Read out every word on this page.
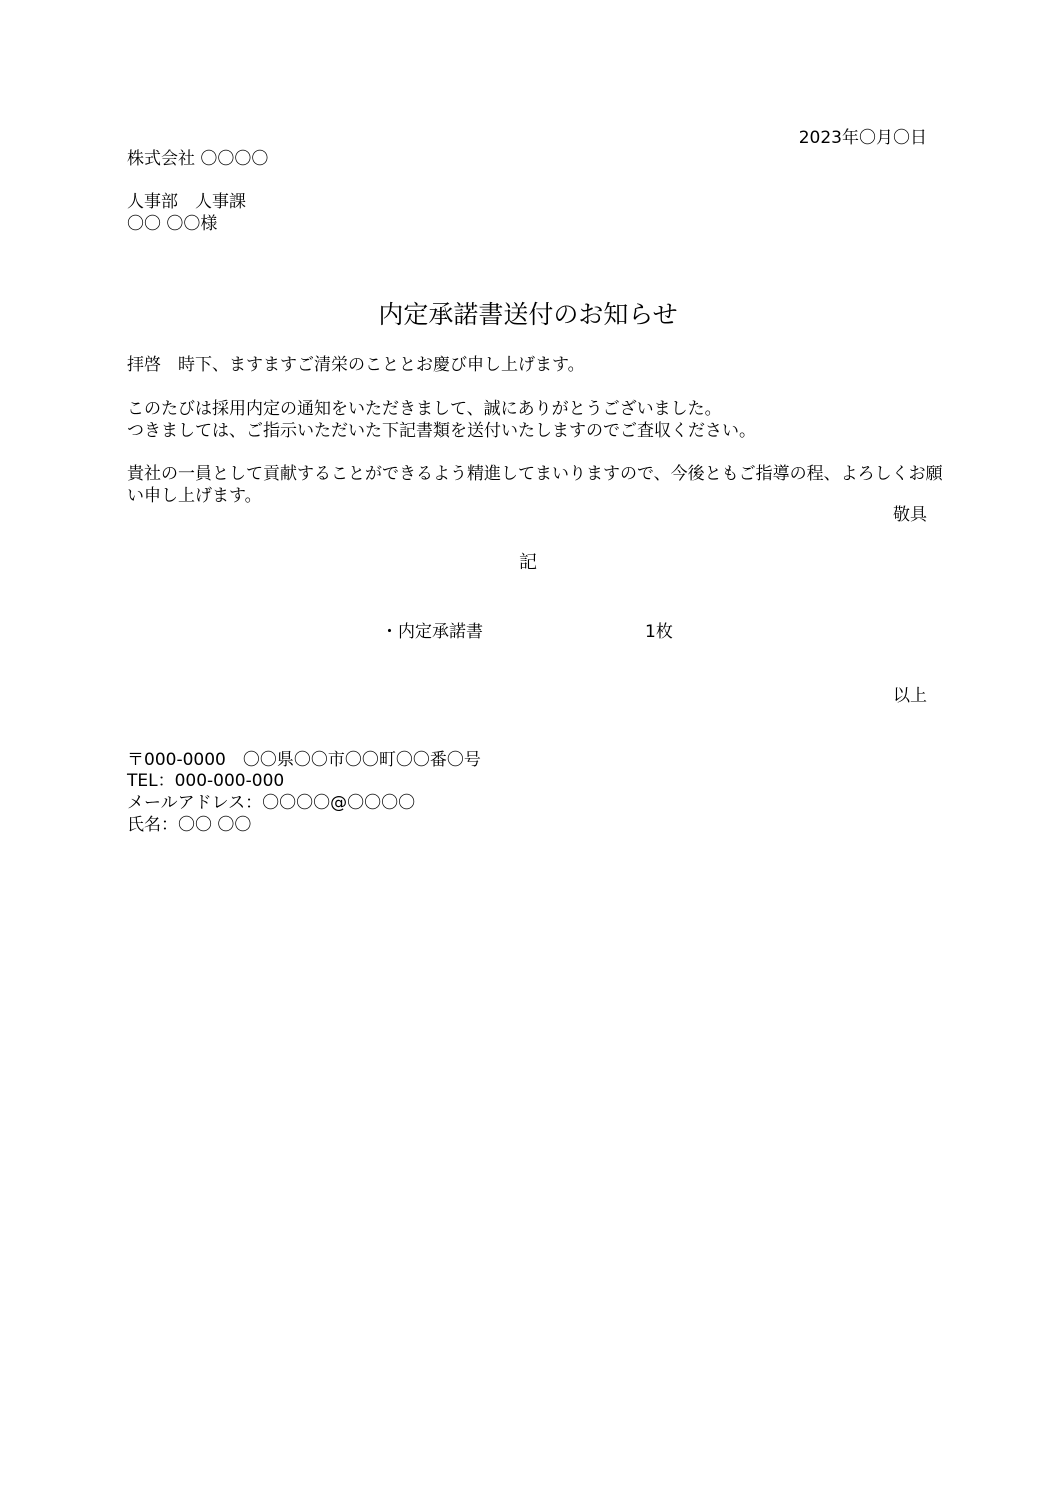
2023年〇月〇日

株式会社 〇〇〇〇

人事部　人事課

〇〇 〇〇様

内定承諾書送付のお知らせ

拝啓　時下、ますますご清栄のこととお慶び申し上げます。

このたびは採用内定の通知をいただきまして、誠にありがとうございました。

つきましては、ご指示いただいた下記書類を送付いたしますのでご査収ください。

貴社の一員として貢献することができるよう精進してまいりますので、今後ともご指導の程、よろしくお願い申し上げます。

敬具

記

・内定承諾書	1枚

以上

〒000-0000　〇〇県〇〇市〇〇町〇〇番〇号

TEL：000-000-000

メールアドレス：〇〇〇〇@〇〇〇〇

氏名：〇〇 〇〇
